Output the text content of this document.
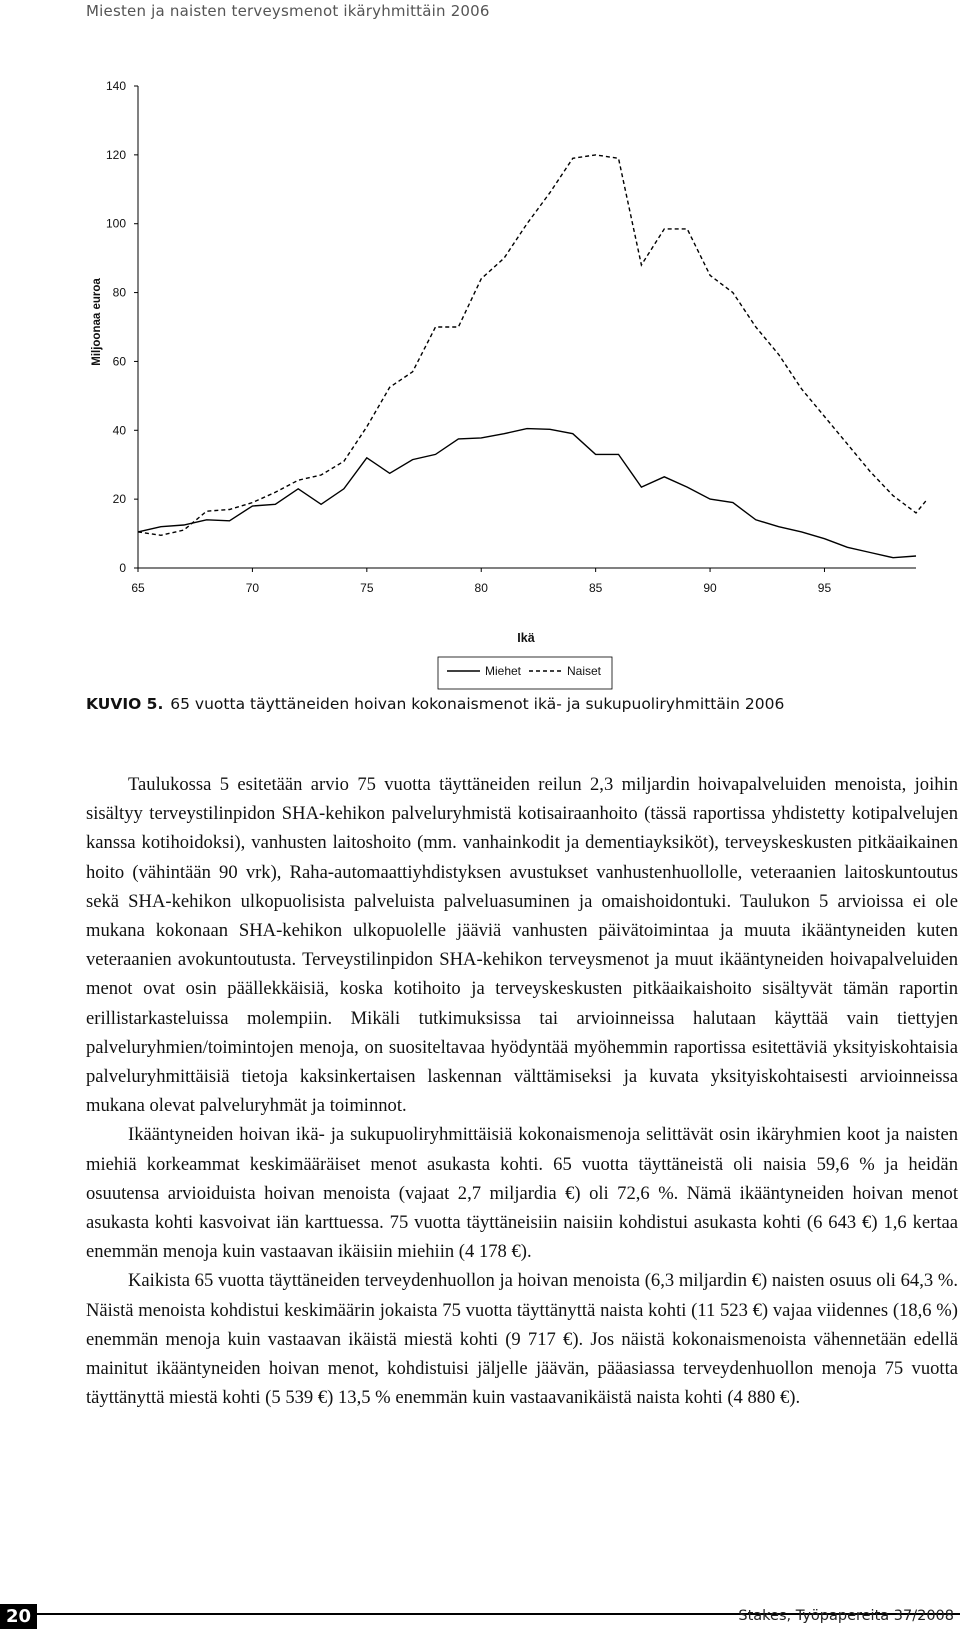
Miesten ja naisten terveysmenot ikäryhmittäin 2006
0
20
40
60
80
100
120
140
65	70	75	80	85	90	95
Miljoonaa euroa
Ikä
Miehet	Naiset
KUVIO 5. 65 vuotta täyttäneiden hoivan kokonaismenot ikä- ja sukupuoliryhmittäin 2006

Taulukossa 5 esitetään arvio 75 vuotta täyttäneiden reilun 2,3 miljardin hoivapalveluiden menoista, joihin sisältyy terveystilinpidon SHA-kehikon palveluryhmistä kotisairaanhoito (tässä raportissa yhdistetty kotipalvelujen kanssa kotihoidoksi), vanhusten laitoshoito (mm. vanhainkodit ja dementiayksiköt), terveyskeskusten pitkäaikainen hoito (vähintään 90 vrk), Raha-automaattiyhdistyksen avustukset vanhustenhuollolle, veteraanien laitoskuntoutus sekä SHA-kehikon ulkopuolisista palveluista palveluasuminen ja omaishoidontuki. Taulukon 5 arvioissa ei ole mukana kokonaan SHA-kehikon ulkopuolelle jääviä vanhusten päivätoimintaa ja muuta ikääntyneiden kuten veteraanien avokuntoutusta. Terveystilinpidon SHA-kehikon terveysmenot ja muut ikääntyneiden hoivapalveluiden menot ovat osin päällekkäisiä, koska kotihoito ja terveyskeskusten pitkäaikaishoito sisältyvät tämän raportin erillistarkasteluissa molempiin. Mikäli tutkimuksissa tai arvioinneissa halutaan käyttää vain tiettyjen palveluryhmien/toimintojen menoja, on suositeltavaa hyödyntää myöhemmin raportissa esitettäviä yksityiskohtaisia palveluryhmittäisiä tietoja kaksinkertaisen laskennan välttämiseksi ja kuvata yksityiskohtaisesti arvioinneissa mukana olevat palveluryhmät ja toiminnot.

Ikääntyneiden hoivan ikä- ja sukupuoliryhmittäisiä kokonaismenoja selittävät osin ikäryhmien koot ja naisten miehiä korkeammat keskimääräiset menot asukasta kohti. 65 vuotta täyttäneistä oli naisia 59,6 % ja heidän osuutensa arvioiduista hoivan menoista (vajaat 2,7 miljardia €) oli 72,6 %. Nämä ikääntyneiden hoivan menot asukasta kohti kasvoivat iän karttuessa. 75 vuotta täyttäneisiin naisiin kohdistui asukasta kohti (6 643 €) 1,6 kertaa enemmän menoja kuin vastaavan ikäisiin miehiin (4 178 €).

Kaikista 65 vuotta täyttäneiden terveydenhuollon ja hoivan menoista (6,3 miljardin €) naisten osuus oli 64,3 %. Näistä menoista kohdistui keskimäärin jokaista 75 vuotta täyttänyttä naista kohti (11 523 €) vajaa viidennes (18,6 %) enemmän menoja kuin vastaavan ikäistä miestä kohti (9 717 €). Jos näistä kokonaismenoista vähennetään edellä mainitut ikääntyneiden hoivan menot, kohdistuisi jäljelle jäävän, pääasiassa terveydenhuollon menoja 75 vuotta täyttänyttä miestä kohti (5 539 €) 13,5 % enemmän kuin vastaavanikäistä naista kohti (4 880 €).

20	Stakes, Työpapereita 37/2008
